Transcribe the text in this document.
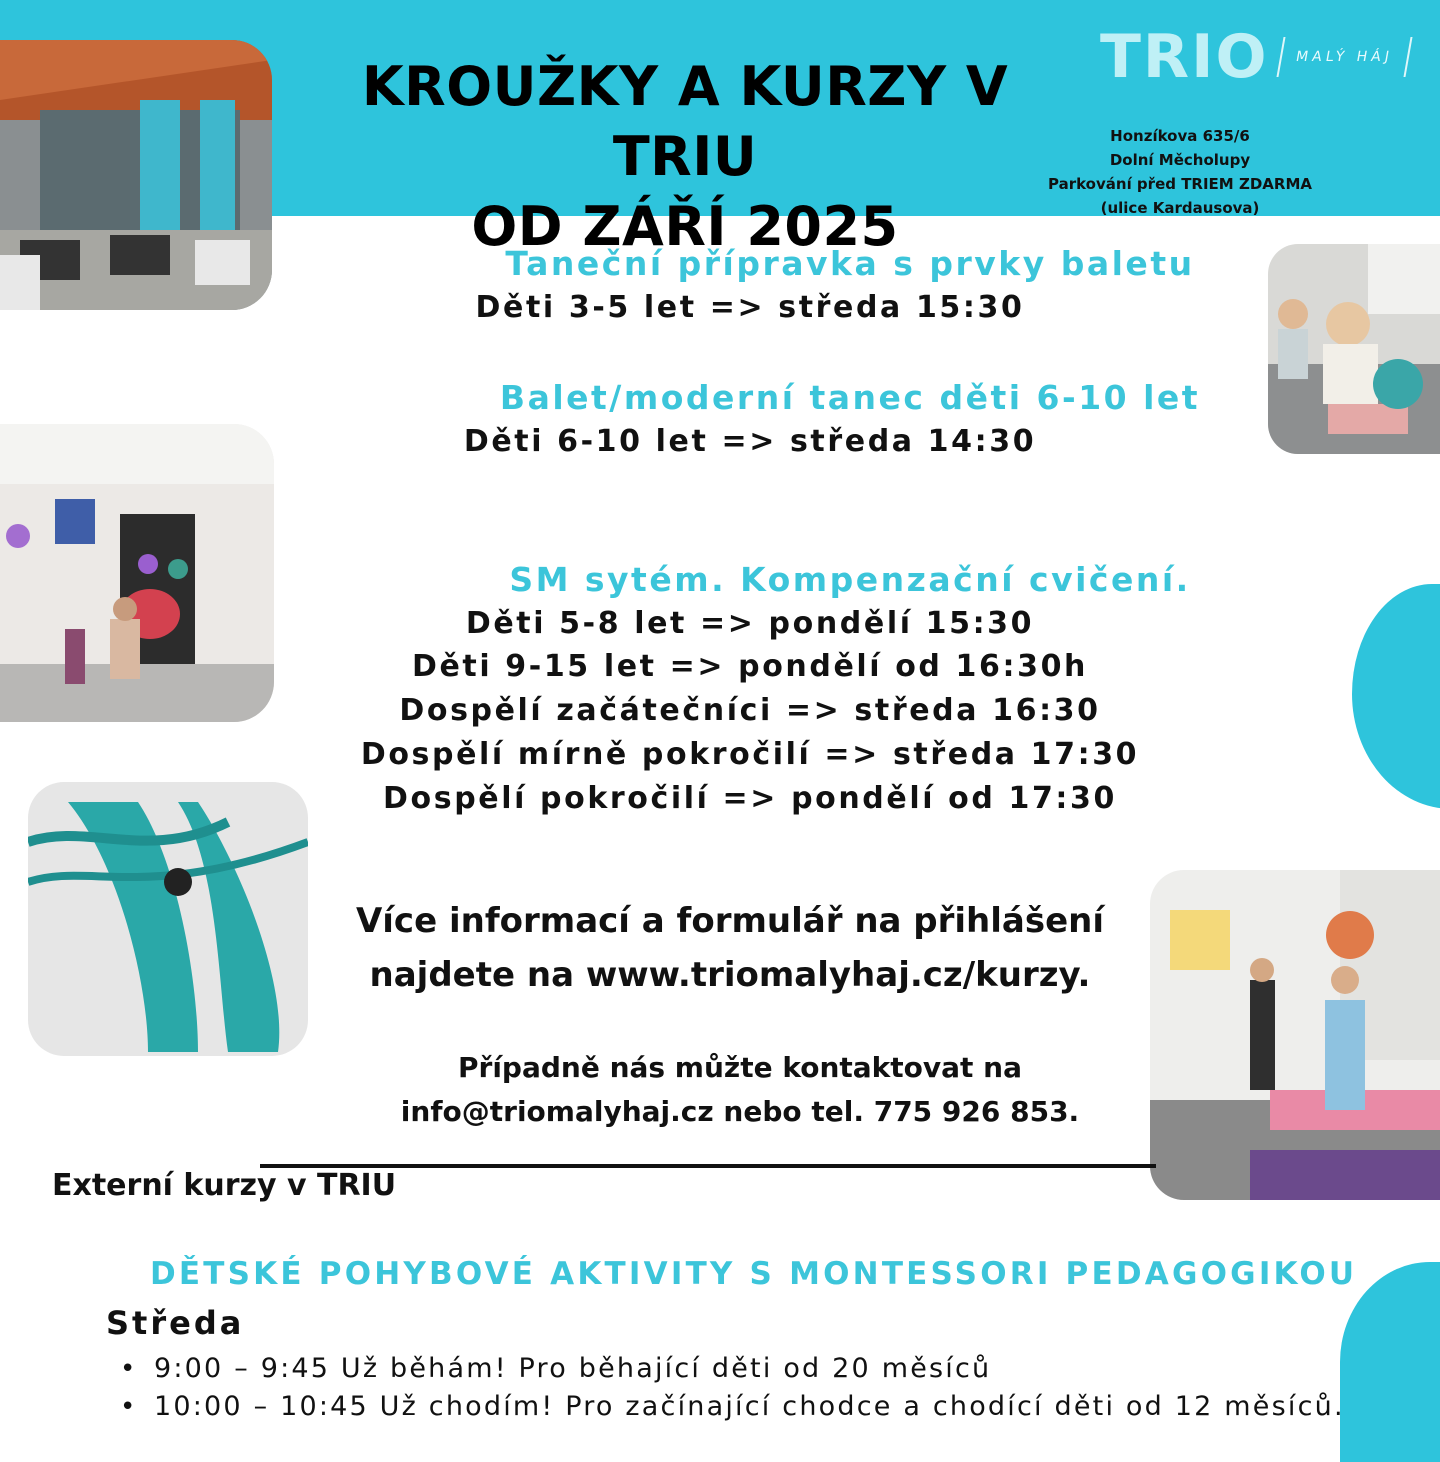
KROUŽKY A KURZY V TRIU
OD ZÁŘÍ 2025
TRIO	MALÝ HÁJ
Honzíkova 635/6
Dolní Měcholupy
Parkování před TRIEM ZDARMA
(ulice Kardausova)
Taneční přípravka s prvky baletu
Děti 3-5 let => středa 15:30
Balet/moderní tanec děti 6-10 let
Děti 6-10 let => středa 14:30
SM sytém. Kompenzační cvičení.
Děti 5-8 let => pondělí 15:30
Děti 9-15 let => pondělí od 16:30h
Dospělí začátečníci => středa 16:30
Dospělí mírně pokročilí => středa 17:30
Dospělí pokročilí => pondělí od 17:30
Více informací a formulář na přihlášení
najdete na www.triomalyhaj.cz/kurzy.
Případně nás můžte kontaktovat na
info@triomalyhaj.cz nebo tel. 775 926 853.
Externí kurzy v TRIU
DĚTSKÉ POHYBOVÉ AKTIVITY S MONTESSORI PEDAGOGIKOU
Středa
• 9:00 – 9:45 Už běhám! Pro běhající děti od 20 měsíců
• 10:00 – 10:45 Už chodím! Pro začínající chodce a chodící děti od 12 měsíců.
